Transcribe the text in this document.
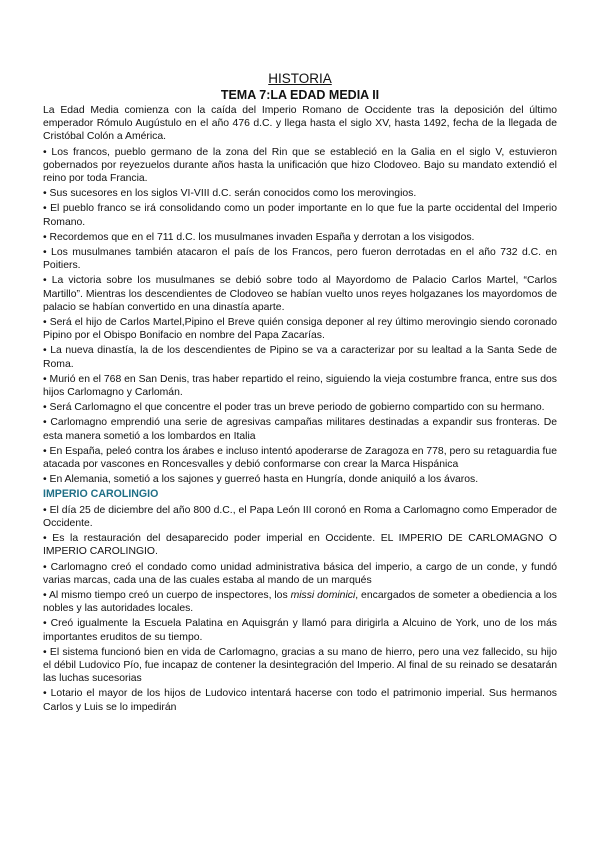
HISTORIA
TEMA 7:LA EDAD MEDIA II

La Edad Media comienza con la caída del Imperio Romano de Occidente tras la deposición del último emperador Rómulo Augústulo en el año 476 d.C. y llega hasta el siglo XV, hasta 1492, fecha de la llegada de Cristóbal Colón a América.

• Los francos, pueblo germano de la zona del Rin que se estableció en la Galia en el siglo V, estuvieron gobernados por reyezuelos durante años hasta la unificación que hizo Clodoveo. Bajo su mandato extendió el reino por toda Francia.

• Sus sucesores en los siglos VI-VIII d.C. serán conocidos como los merovingios.

• El pueblo franco se irá consolidando como un poder importante en lo que fue la parte occidental del Imperio Romano.

• Recordemos que en el 711 d.C. los musulmanes invaden España y derrotan a los visigodos.

• Los musulmanes también atacaron el país de los Francos, pero fueron derrotadas en el año 732 d.C. en Poitiers.

• La victoria sobre los musulmanes se debió sobre todo al Mayordomo de Palacio Carlos Martel, “Carlos Martillo”. Mientras los descendientes de Clodoveo se habían vuelto unos reyes holgazanes los mayordomos de palacio se habían convertido en una dinastía aparte.

• Será el hijo de Carlos Martel,Pipino el Breve quién consiga deponer al rey último merovingio siendo coronado Pipino por el Obispo Bonifacio en nombre del Papa Zacarías.

• La nueva dinastía, la de los descendientes de Pipino se va a caracterizar por su lealtad a la Santa Sede de Roma.

• Murió en el 768 en San Denis, tras haber repartido el reino, siguiendo la vieja costumbre franca, entre sus dos hijos Carlomagno y Carlomán.

• Será Carlomagno el que concentre el poder tras un breve periodo de gobierno compartido con su hermano.

• Carlomagno emprendió una serie de agresivas campañas militares destinadas a expandir sus fronteras. De esta manera sometió a los lombardos en Italia

• En España, peleó contra los árabes e incluso intentó apoderarse de Zaragoza en 778, pero su retaguardia fue atacada por vascones en Roncesvalles y debió conformarse con crear la Marca Hispánica

• En Alemania, sometió a los sajones y guerreó hasta en Hungría, donde aniquiló a los ávaros.

IMPERIO CAROLINGIO

• El día 25 de diciembre del año 800 d.C., el Papa León III coronó en Roma a Carlomagno como Emperador de Occidente.

• Es la restauración del desaparecido poder imperial en Occidente. EL IMPERIO DE CARLOMAGNO O IMPERIO CAROLINGIO.

• Carlomagno creó el condado como unidad administrativa básica del imperio, a cargo de un conde, y fundó varias marcas, cada una de las cuales estaba al mando de un marqués

• Al mismo tiempo creó un cuerpo de inspectores, los missi dominici, encargados de someter a obediencia a los nobles y las autoridades locales.

• Creó igualmente la Escuela Palatina en Aquisgrán y llamó para dirigirla a Alcuino de York, uno de los más importantes eruditos de su tiempo.

• El sistema funcionó bien en vida de Carlomagno, gracias a su mano de hierro, pero una vez fallecido, su hijo el débil Ludovico Pío, fue incapaz de contener la desintegración del Imperio. Al final de su reinado se desatarán las luchas sucesorias

• Lotario el mayor de los hijos de Ludovico intentará hacerse con todo el patrimonio imperial. Sus hermanos Carlos y Luis se lo impedirán
